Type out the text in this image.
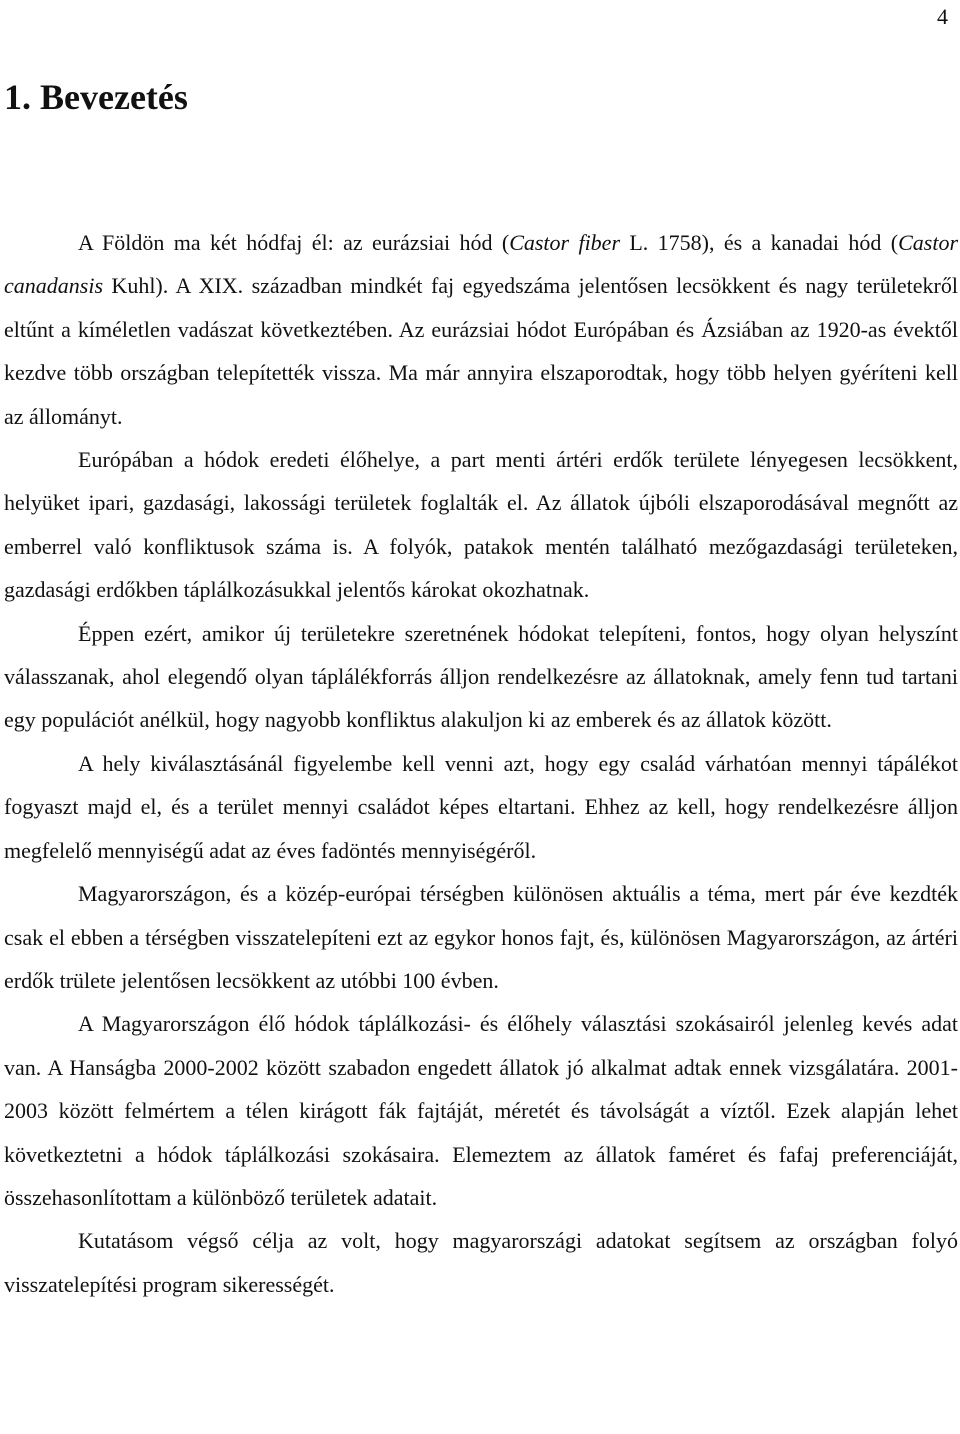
4
1. Bevezetés

A Földön ma két hódfaj él: az eurázsiai hód (Castor fiber L. 1758), és a kanadai hód (Castor canadansis Kuhl). A XIX. században mindkét faj egyedszáma jelentősen lecsökkent és nagy területekről eltűnt a kíméletlen vadászat következtében. Az eurázsiai hódot Európában és Ázsiában az 1920-as évektől kezdve több országban telepítették vissza. Ma már annyira elszaporodtak, hogy több helyen gyéríteni kell az állományt.

Európában a hódok eredeti élőhelye, a part menti ártéri erdők területe lényegesen lecsökkent, helyüket ipari, gazdasági, lakossági területek foglalták el. Az állatok újbóli elszaporodásával megnőtt az emberrel való konfliktusok száma is. A folyók, patakok mentén található mezőgazdasági területeken, gazdasági erdőkben táplálkozásukkal jelentős károkat okozhatnak.

Éppen ezért, amikor új területekre szeretnének hódokat telepíteni, fontos, hogy olyan helyszínt válasszanak, ahol elegendő olyan táplálékforrás álljon rendelkezésre az állatoknak, amely fenn tud tartani egy populációt anélkül, hogy nagyobb konfliktus alakuljon ki az emberek és az állatok között.

A hely kiválasztásánál figyelembe kell venni azt, hogy egy család várhatóan mennyi tápálékot fogyaszt majd el, és a terület mennyi családot képes eltartani. Ehhez az kell, hogy rendelkezésre álljon megfelelő mennyiségű adat az éves fadöntés mennyiségéről.

Magyarországon, és a közép-európai térségben különösen aktuális a téma, mert pár éve kezdték csak el ebben a térségben visszatelepíteni ezt az egykor honos fajt, és, különösen Magyarországon, az ártéri erdők trülete jelentősen lecsökkent az utóbbi 100 évben.

A Magyarországon élő hódok táplálkozási- és élőhely választási szokásairól jelenleg kevés adat van. A Hanságba 2000-2002 között szabadon engedett állatok jó alkalmat adtak ennek vizsgálatára. 2001-2003 között felmértem a télen kirágott fák fajtáját, méretét és távolságát a víztől. Ezek alapján lehet következtetni a hódok táplálkozási szokásaira. Elemeztem az állatok faméret és fafaj preferenciáját, összehasonlítottam a különböző területek adatait.

Kutatásom végső célja az volt, hogy magyarországi adatokat segítsem az országban folyó visszatelepítési program sikerességét.
